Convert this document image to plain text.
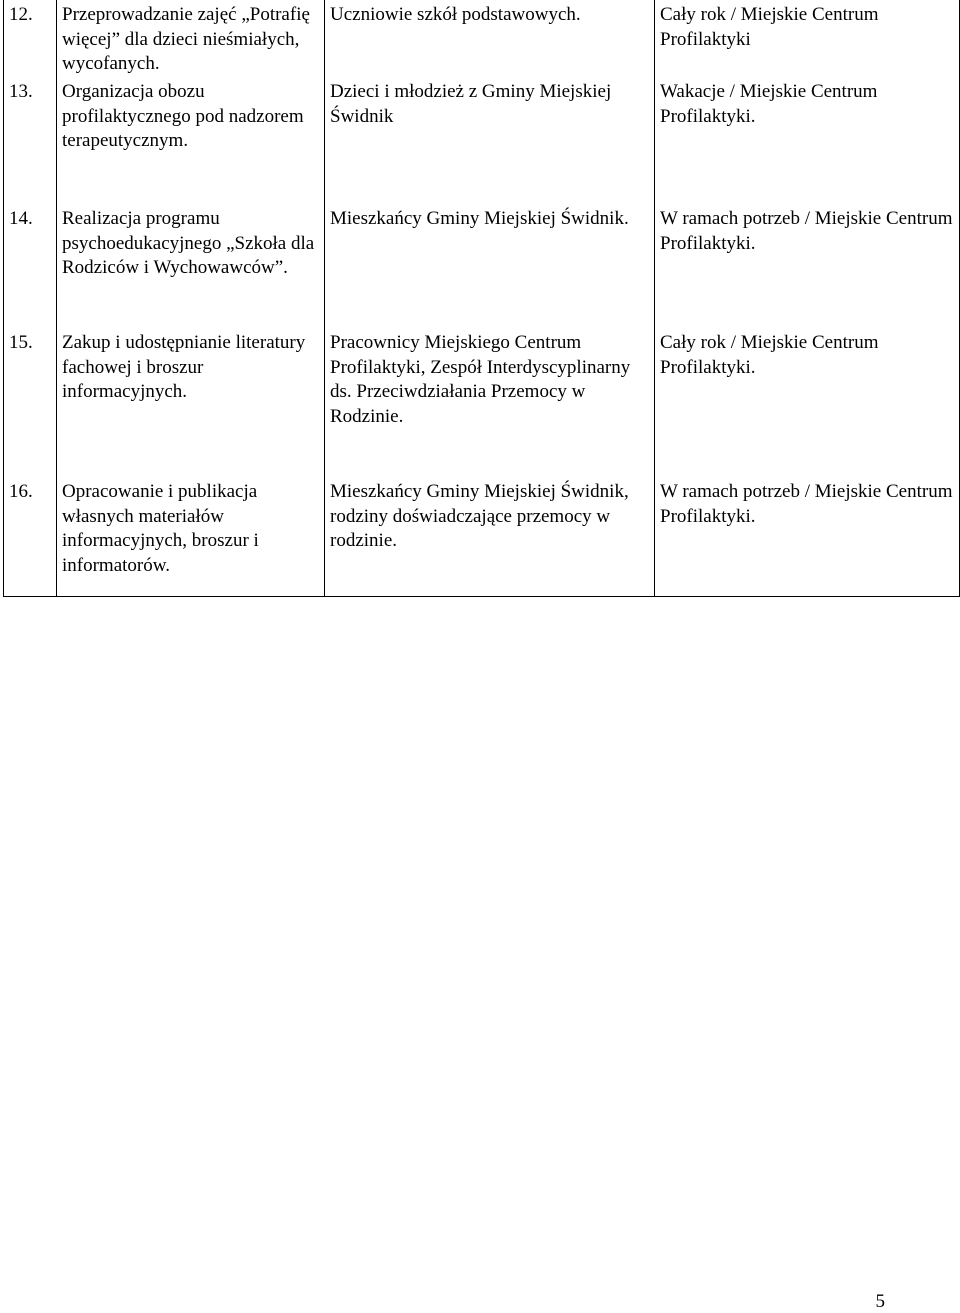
12.	Przeprowadzanie zajęć „Potrafię więcej” dla dzieci nieśmiałych, wycofanych.	Uczniowie szkół podstawowych.	Cały rok / Miejskie Centrum Profilaktyki
13.	Organizacja obozu profilaktycznego pod nadzorem terapeutycznym.	Dzieci i młodzież z Gminy Miejskiej Świdnik	Wakacje / Miejskie Centrum Profilaktyki.
14.	Realizacja programu psychoedukacyjnego „Szkoła dla Rodziców i Wychowawców”.	Mieszkańcy Gminy Miejskiej Świdnik.	W ramach potrzeb / Miejskie Centrum Profilaktyki.
15.	Zakup i udostępnianie literatury fachowej i broszur informacyjnych.	Pracownicy Miejskiego Centrum Profilaktyki, Zespół Interdyscyplinarny ds. Przeciwdziałania Przemocy w Rodzinie.	Cały rok / Miejskie Centrum Profilaktyki.
16.	Opracowanie i publikacja własnych materiałów informacyjnych, broszur i informatorów.	Mieszkańcy Gminy Miejskiej Świdnik, rodziny doświadczające przemocy w rodzinie.	W ramach potrzeb / Miejskie Centrum Profilaktyki.
5
